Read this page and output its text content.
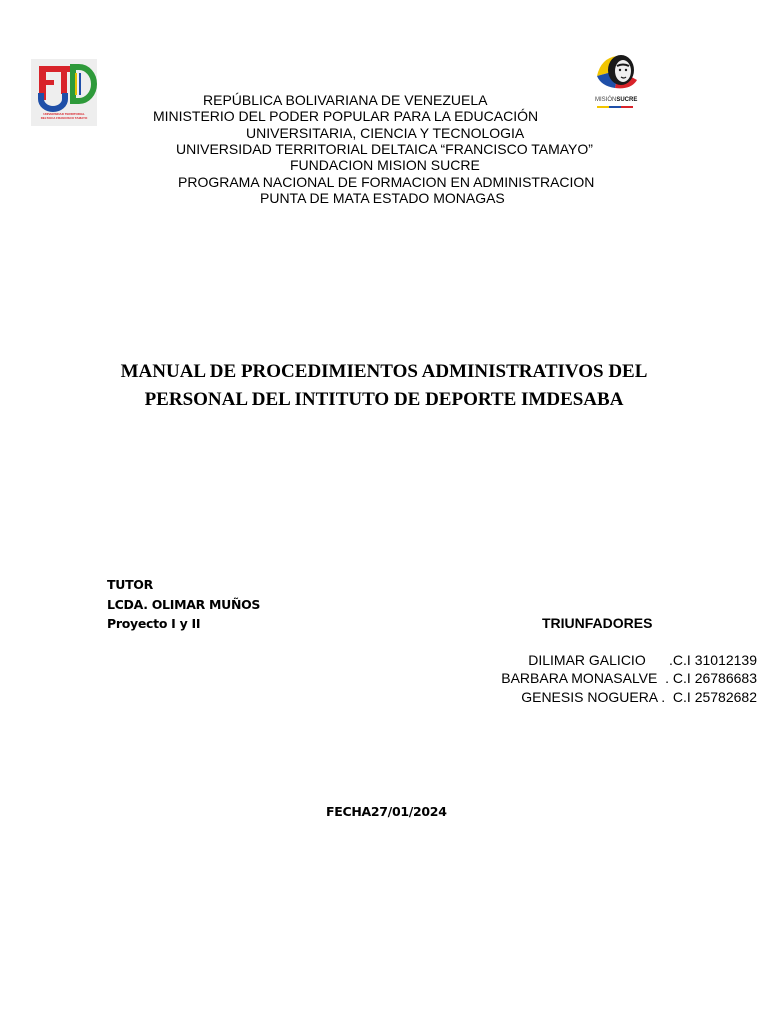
UNIVERSIDAD TERRITORIAL DELTAICA FRANCISCO TAMAYO
MISIÓNSUCRE
REPÚBLICA BOLIVARIANA DE VENEZUELA
MINISTERIO DEL PODER POPULAR PARA LA EDUCACIÓN
UNIVERSITARIA, CIENCIA Y TECNOLOGIA
UNIVERSIDAD TERRITORIAL DELTAICA “FRANCISCO TAMAYO”
FUNDACION MISION SUCRE
PROGRAMA NACIONAL DE FORMACION EN ADMINISTRACION
PUNTA DE MATA ESTADO MONAGAS
MANUAL DE PROCEDIMIENTOS ADMINISTRATIVOS DEL
PERSONAL DEL INTITUTO DE DEPORTE IMDESABA
TUTOR
LCDA. OLIMAR MUÑOS
Proyecto I y II	TRIUNFADORES
DILIMAR GALICIO      .C.I 31012139
BARBARA MONASALVE  . C.I 26786683
GENESIS NOGUERA .  C.I 25782682
FECHA27/01/2024
